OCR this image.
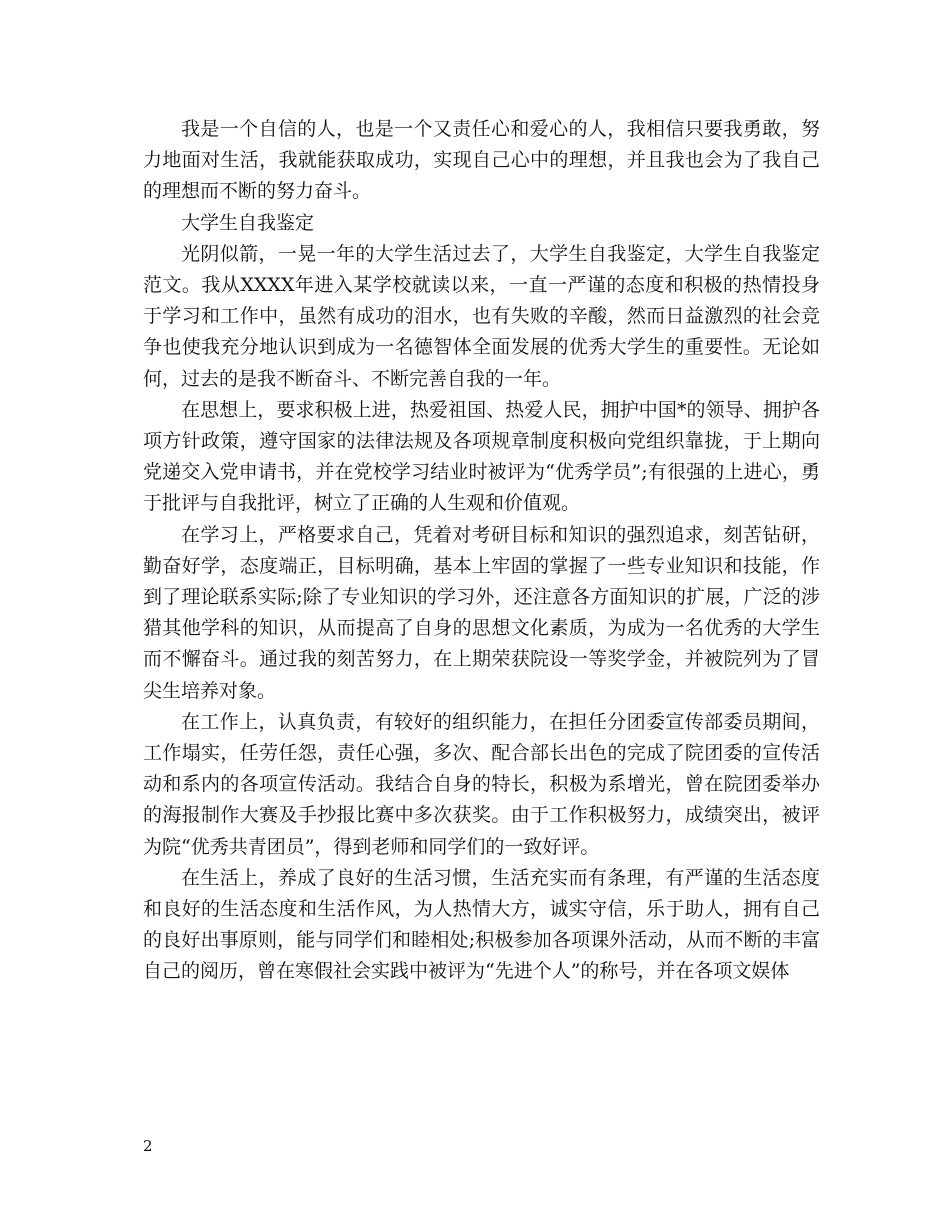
我是一个自信的人，也是一个又责任心和爱心的人，我相信只要我勇敢，努力地面对生活，我就能获取成功，实现自己心中的理想，并且我也会为了我自己的理想而不断的努力奋斗。

大学生自我鉴定

光阴似箭，一晃一年的大学生活过去了，大学生自我鉴定，大学生自我鉴定范文。我从XXXX年进入某学校就读以来，一直一严谨的态度和积极的热情投身于学习和工作中，虽然有成功的泪水，也有失败的辛酸，然而日益激烈的社会竞争也使我充分地认识到成为一名德智体全面发展的优秀大学生的重要性。无论如何，过去的是我不断奋斗、不断完善自我的一年。

在思想上，要求积极上进，热爱祖国、热爱人民，拥护中国*的领导、拥护各项方针政策，遵守国家的法律法规及各项规章制度积极向党组织靠拢，于上期向党递交入党申请书，并在党校学习结业时被评为“优秀学员”;有很强的上进心，勇于批评与自我批评，树立了正确的人生观和价值观。

在学习上，严格要求自己，凭着对考研目标和知识的强烈追求，刻苦钻研，勤奋好学，态度端正，目标明确，基本上牢固的掌握了一些专业知识和技能，作到了理论联系实际;除了专业知识的学习外，还注意各方面知识的扩展，广泛的涉猎其他学科的知识，从而提高了自身的思想文化素质，为成为一名优秀的大学生而不懈奋斗。通过我的刻苦努力，在上期荣获院设一等奖学金，并被院列为了冒尖生培养对象。

在工作上，认真负责，有较好的组织能力，在担任分团委宣传部委员期间，工作塌实，任劳任怨，责任心强，多次、配合部长出色的完成了院团委的宣传活动和系内的各项宣传活动。我结合自身的特长，积极为系增光，曾在院团委举办的海报制作大赛及手抄报比赛中多次获奖。由于工作积极努力，成绩突出，被评为院“优秀共青团员”，得到老师和同学们的一致好评。

在生活上，养成了良好的生活习惯，生活充实而有条理，有严谨的生活态度和良好的生活态度和生活作风，为人热情大方，诚实守信，乐于助人，拥有自己的良好出事原则，能与同学们和睦相处;积极参加各项课外活动，从而不断的丰富自己的阅历，曾在寒假社会实践中被评为“先进个人”的称号，并在各项文娱体

2
